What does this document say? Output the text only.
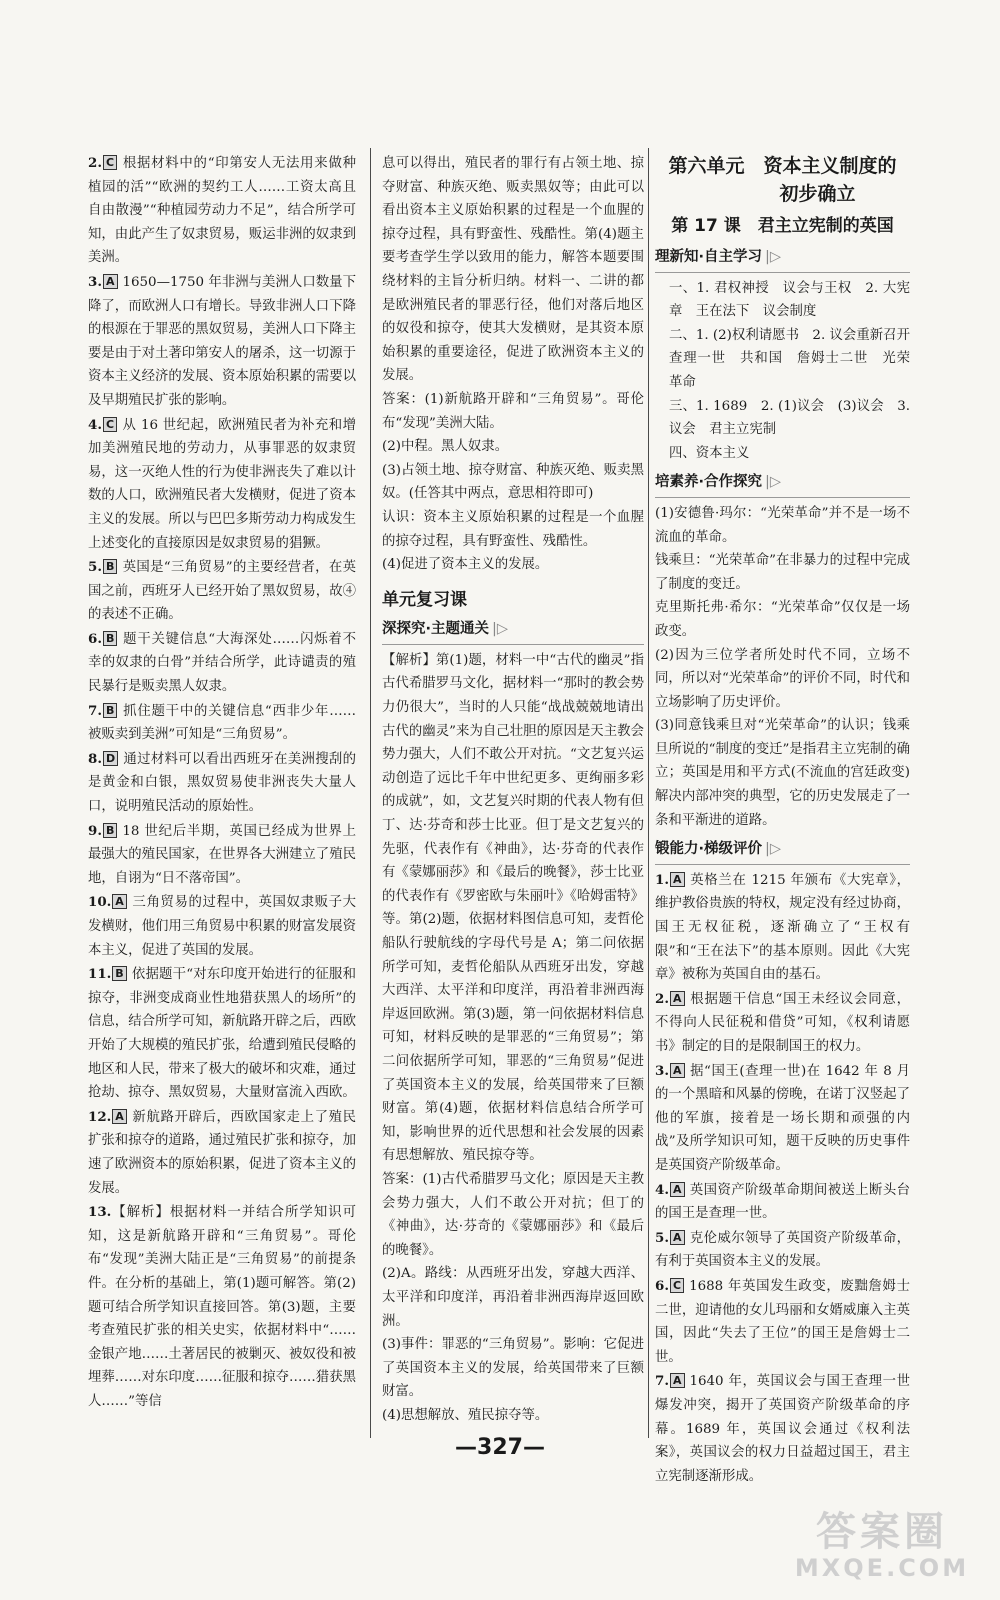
2. C 根据材料中的“印第安人无法用来做种植园的活”“欧洲的契约工人……工资太高且自由散漫”“种植园劳动力不足”，结合所学可知，由此产生了奴隶贸易，贩运非洲的奴隶到美洲。
3. A 1650—1750 年非洲与美洲人口数量下降了，而欧洲人口有增长。导致非洲人口下降的根源在于罪恶的黑奴贸易，美洲人口下降主要是由于对土著印第安人的屠杀，这一切源于资本主义经济的发展、资本原始积累的需要以及早期殖民扩张的影响。
4. C 从 16 世纪起，欧洲殖民者为补充和增加美洲殖民地的劳动力，从事罪恶的奴隶贸易，这一灭绝人性的行为使非洲丧失了难以计数的人口，欧洲殖民者大发横财，促进了资本主义的发展。所以与巴巴多斯劳动力构成发生上述变化的直接原因是奴隶贸易的猖獗。
5. B 英国是“三角贸易”的主要经营者，在英国之前，西班牙人已经开始了黑奴贸易，故④的表述不正确。
6. B 题干关键信息“大海深处……闪烁着不幸的奴隶的白骨”并结合所学，此诗谴责的殖民暴行是贩卖黑人奴隶。
7. B 抓住题干中的关键信息“西非少年……被贩卖到美洲”可知是“三角贸易”。
8. D 通过材料可以看出西班牙在美洲搜刮的是黄金和白银，黑奴贸易使非洲丧失大量人口，说明殖民活动的原始性。
9. B 18 世纪后半期，英国已经成为世界上最强大的殖民国家，在世界各大洲建立了殖民地，自诩为“日不落帝国”。
10. A 三角贸易的过程中，英国奴隶贩子大发横财，他们用三角贸易中积累的财富发展资本主义，促进了英国的发展。
11. B 依据题干“对东印度开始进行的征服和掠夺，非洲变成商业性地猎获黑人的场所”的信息，结合所学可知，新航路开辟之后，西欧开始了大规模的殖民扩张，给遭到殖民侵略的地区和人民，带来了极大的破坏和灾难，通过抢劫、掠夺、黑奴贸易，大量财富流入西欧。
12. A 新航路开辟后，西欧国家走上了殖民扩张和掠夺的道路，通过殖民扩张和掠夺，加速了欧洲资本的原始积累，促进了资本主义的发展。
13.【解析】根据材料一并结合所学知识可知，这是新航路开辟和“三角贸易”。哥伦布“发现”美洲大陆正是“三角贸易”的前提条件。在分析的基础上，第(1)题可解答。第(2)题可结合所学知识直接回答。第(3)题，主要考查殖民扩张的相关史实，依据材料中“……金银产地……土著居民的被剿灭、被奴役和被埋葬……对东印度……征服和掠夺……猎获黑人……”等信
息可以得出，殖民者的罪行有占领土地、掠夺财富、种族灭绝、贩卖黑奴等；由此可以看出资本主义原始积累的过程是一个血腥的掠夺过程，具有野蛮性、残酷性。第(4)题主要考查学生学以致用的能力，解答本题要围绕材料的主旨分析归纳。材料一、二讲的都是欧洲殖民者的罪恶行径，他们对落后地区的奴役和掠夺，使其大发横财，是其资本原始积累的重要途径，促进了欧洲资本主义的发展。
答案：(1)新航路开辟和“三角贸易”。哥伦布“发现”美洲大陆。
(2)中程。黑人奴隶。
(3)占领土地、掠夺财富、种族灭绝、贩卖黑奴。(任答其中两点，意思相符即可)
认识：资本主义原始积累的过程是一个血腥的掠夺过程，具有野蛮性、残酷性。
(4)促进了资本主义的发展。
单元复习课
深探究·主题通关 |▷
【解析】第(1)题，材料一中“古代的幽灵”指古代希腊罗马文化，据材料一“那时的教会势力仍很大”，当时的人只能“战战兢兢地请出古代的幽灵”来为自己壮胆的原因是天主教会势力强大，人们不敢公开对抗。“文艺复兴运动创造了远比千年中世纪更多、更绚丽多彩的成就”，如，文艺复兴时期的代表人物有但丁、达·芬奇和莎士比亚。但丁是文艺复兴的先驱，代表作有《神曲》，达·芬奇的代表作有《蒙娜丽莎》和《最后的晚餐》，莎士比亚的代表作有《罗密欧与朱丽叶》《哈姆雷特》等。第(2)题，依据材料图信息可知，麦哲伦船队行驶航线的字母代号是 A；第二问依据所学可知，麦哲伦船队从西班牙出发，穿越大西洋、太平洋和印度洋，再沿着非洲西海岸返回欧洲。第(3)题，第一问依据材料信息可知，材料反映的是罪恶的“三角贸易”；第二问依据所学可知，罪恶的“三角贸易”促进了英国资本主义的发展，给英国带来了巨额财富。第(4)题，依据材料信息结合所学可知，影响世界的近代思想和社会发展的因素有思想解放、殖民掠夺等。
答案：(1)古代希腊罗马文化；原因是天主教会势力强大，人们不敢公开对抗；但丁的《神曲》，达·芬奇的《蒙娜丽莎》和《最后的晚餐》。
(2)A。路线：从西班牙出发，穿越大西洋、太平洋和印度洋，再沿着非洲西海岸返回欧洲。
(3)事件：罪恶的“三角贸易”。影响：它促进了英国资本主义的发展，给英国带来了巨额财富。
(4)思想解放、殖民掠夺等。
第六单元　资本主义制度的
初步确立
第 17 课　君主立宪制的英国
理新知·自主学习 |▷
一、1. 君权神授　议会与王权　2. 大宪章　王在法下　议会制度
二、1. (2)权利请愿书　2. 议会重新召开　查理一世　共和国　詹姆士二世　光荣革命
三、1. 1689　2. (1)议会　(3)议会　3. 议会　君主立宪制
四、资本主义
培素养·合作探究 |▷
(1)安德鲁·玛尔：“光荣革命”并不是一场不流血的革命。
钱乘旦：“光荣革命”在非暴力的过程中完成了制度的变迁。
克里斯托弗·希尔：“光荣革命”仅仅是一场政变。
(2)因为三位学者所处时代不同，立场不同，所以对“光荣革命”的评价不同，时代和立场影响了历史评价。
(3)同意钱乘旦对“光荣革命”的认识；钱乘旦所说的“制度的变迁”是指君主立宪制的确立；英国是用和平方式(不流血的宫廷政变)解决内部冲突的典型，它的历史发展走了一条和平渐进的道路。
锻能力·梯级评价 |▷
1. A 英格兰在 1215 年颁布《大宪章》，维护教俗贵族的特权，规定没有经过协商，国王无权征税，逐渐确立了“王权有限”和“王在法下”的基本原则。因此《大宪章》被称为英国自由的基石。
2. A 根据题干信息“国王未经议会同意，不得向人民征税和借贷”可知，《权利请愿书》制定的目的是限制国王的权力。
3. A 据“国王(查理一世)在 1642 年 8 月的一个黑暗和风暴的傍晚，在诺丁汉竖起了他的军旗，接着是一场长期和顽强的内战”及所学知识可知，题干反映的历史事件是英国资产阶级革命。
4. A 英国资产阶级革命期间被送上断头台的国王是查理一世。
5. A 克伦威尔领导了英国资产阶级革命，有利于英国资本主义的发展。
6. C 1688 年英国发生政变，废黜詹姆士二世，迎请他的女儿玛丽和女婿威廉入主英国，因此“失去了王位”的国王是詹姆士二世。
7. A 1640 年，英国议会与国王查理一世爆发冲突，揭开了英国资产阶级革命的序幕。1689 年，英国议会通过《权利法案》，英国议会的权力日益超过国王，君主立宪制逐渐形成。
—327—
答案圈
MXQE.COM
